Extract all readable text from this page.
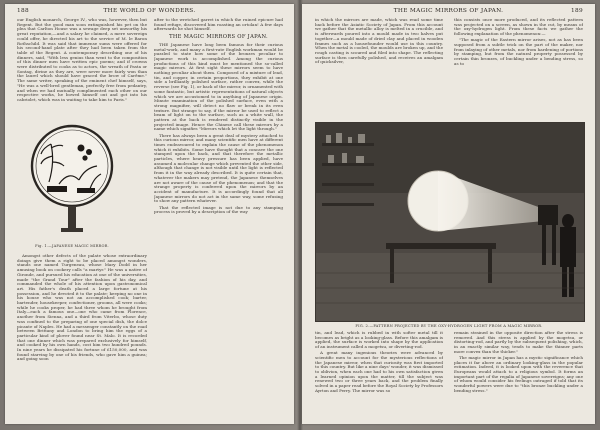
188	THE WORLD OF WONDERS.

our English monarch, George IV., who was, however, then but Regent. But the good man soon extinguished his pet on the plea that Carlton House was a sewage deep set unworthy his great reputation,—and a salary he claimed, a mere sovereign could offer, he directed his art to the service of M. le Baron Rothschild. It was said that immense sums were offered for his second-hand plate after they had been taken from the table of the Regent. A contemporary describing one of his dinners, said, "With less genius than went to the composition of this dinner men have written epic poems; and if crowns were distributed to cooks as to actors, the wreath of Pasta or Sontag, divine as they are, were never more fairly won than the laurel which should have graced the brow of Carême." The same writer, speaking of the eminent chef himself, says, "He was a well-bred gentleman, perfectly free from pedantry, and when we had mutually complimented each other on our respective works, he bowed himself out and got into his cabriolet, which was in waiting to take him to Paris."

Fig. 1.—JAPANESE MAGIC MIRROR.

Amongst other defects of the palate whose extraordinary doings give them a right to be placed amongst wonders, stands one named Turgeneau, whose Mary Dodd in her amusing book on cookery calls "a martyr." He was a native of Gironde, and pursued his education at one of the universities, made "the Grand Tour" after the fashion of his day, and commanded the whole of his attention upon gastronomical art. His father's death placed a large fortune at his possession, and he devoted it to the palate; keeping no one in his house who was not an accomplished cook; barter, bartender, housekeeper, confectioner, grooms, all were cooks; while he cooks proper, he had three whom he brought from Italy—each a famous one—one who came from Florence, another from Sienna, and a third from Viterbo, whose duty was confined to the preparing of one special dish, the dolce picante of Naples. He had a messenger constantly on the road between Brittany and London to bring him the eggs of a particular kind of plover found near St. Malo. It is recorded that one dinner which was prepared exclusively for himself, and cooked by his own hands, cost him two hundred pounds. In nine years he dissipated his fortune of £150,000, and was found starving by one of his friends, who gave him a guinea; and going soon

after to the wretched garret in which the ruined epicure had found refuge, discovered him roasting an ortolan! A few days afterwards he shot himself.

THE MAGIC MIRRORS OF JAPAN.

THE Japanese have long been famous for their curious metal-work, and many a first-rate English workman would be puzzled to state how some of the bronzes peculiar to Japanese work is accomplished. Among the curious productions of this kind must be mentioned the so-called magic mirrors. At first sight these mirrors seem to have nothing peculiar about them. Composed of a mixture of lead, tin, and copper, in certain proportions, they exhibit at one side a brilliantly polished surface, rather convex, while the reverse (see Fig. 1), or back of the mirror, is ornamented with some fantastic, but artistic representations of natural objects which we are accustomed to in anything of Japanese origin. Minute examination of the polished surface, even with a strong magnifier, will detect no flaw or break in its even texture. But strange to say, if the mirror be used to reflect a beam of light on to the surface, such as a white wall, the pattern at the back is rendered distinctly visible in the projected image. Hence the Chinese call these mirrors by a name which signifies "Mirrors which let the light through."

There has always been a great deal of mystery attached to this curious mirror, and many scientific men have at different times endeavoured to explain the cause of the phenomenon which it exhibits. Some have thought that a concave the one stamped upon the back, and that therefore the metallic particles, where heavy pressure has been applied, have assumed a molecular change which prevented the other side, although that change is not visible until the light is reflected from it in the way already described. It is quite certain that, whatever the makers may pretend, the Japanese themselves are not aware of the cause of the phenomenon; and that the strange property is conferred upon the mirrors by an accident of manufacture. It is accordingly found that all Japanese mirrors do not act in the same way, some refusing to show any pattern whatever.

That the reflected image is not due to any stamping process is proved by a description of the way

THE MAGIC MIRRORS OF JAPAN.	189

in which the mirrors are made, which was read some time back before the Asiatic Society of Japan. From this account we gather that the metallic alloy is melted in a crucible, and is afterwards poured into a mould made in two halves put together—a mould made of dried clay and placed in wooden frames such as a housefounder would use in this country. When the metal is cooled, the moulds are broken up, and the rough casting is scoured and filed into shape. The reflecting surface is then carefully polished, and receives an amalgam of quicksilver,

this consists once more produced, and its reflected pattern was projected on a screen, as shown in the cut, by means of the oxy-hydrogen light. From these facts we gather the following explanation of the phenomenon:—

"The magic of the Eastern mirror arises, not as has been supposed from a subtle trick on the part of the maker, nor from inlaying of other metals, nor from hardening of portions by stamping, but from the natural property possessed by certain thin bronzes, of buckling under a bending stress, so as to

FIG. 2.—PATTERN PROJECTED BY THE OXY-HYDROGEN LIGHT FROM A MAGIC MIRROR.

tin, and lead, which is rubbed in with softer metal till it becomes as bright as a looking-glass. Before this amalgam is applied, the surface is worked into shape by the application of an instrument called a mogetsu, or diverting-rod.

A great many ingenious theories were advanced by scientific men to account for the mysterious reflections of the Japanese mirror, when that curiosity was first imported to this country. But like a nine days' wonder, it was dismissed to oblivion, when each one had to his own satisfaction given a learned opinion upon the matter, till the subject was renewed two or three years back, and the problem finally solved in a paper read before the Royal Society by Professors Ayrton and Perry. The mirror was so

remain strained in the opposite direction after the stress is removed. And this stress is applied by the mogetsu, or distorting-rod, and partly by the subsequent polishing, which, in an exactly similar way, tends to make the thinner parts more convex than the thicker."

The magic mirror in Japan has a mystic significance which places it far above an ordinary looking-glass in the popular estimation. Indeed, it is looked upon with the reverence that Europeans would attach to a religious symbol. It forms an important part of the regalia of Japanese sovereigns; any one of whom would consider his feelings outraged if told that its wonderful powers were due to "this bronze buckling under a bending stress."
